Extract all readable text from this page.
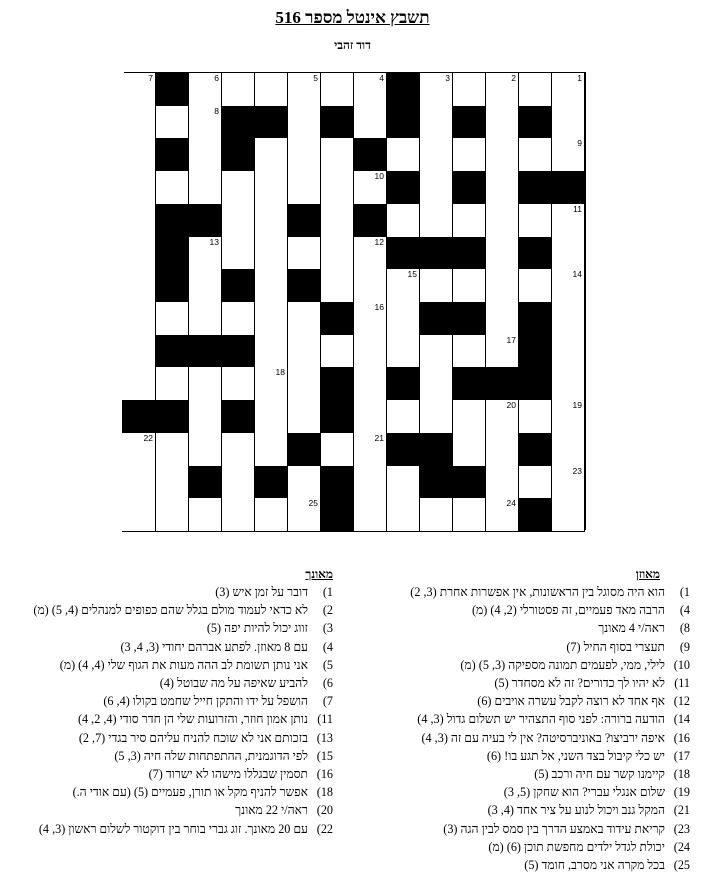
תשבץ אינטל מספר 516
דוד זהבי
1
2
3
4
5
6
7
8
9
10
11
12
13
14
15
16
17
18
19
20
21
22
23
24
25
מאוזן
1) הוא היה מסוגל בין הראשונות, אין אפשרות אחרת (3, 2)
4) הרבה מאד פעמיים, זה פסטורלי (2, 4) (מ)
8) ראה/י 4 מאונך
9) תעצרי בסוף החיל (7)
10) לילי, ממי, לפעמים תמונה מספיקה (3, 5) (מ)
11) לא יהיו לך כדורים? זה לא מסחדר (5)
12) אף אחד לא רוצה לקבל עשרה אויבים (6)
14) הודעה ברורה: לפני סוף התצהיר יש תשלום גדול (3, 4)
16) איפה ירביצו? באוניברסיטה? אין לי בעיה עם זה (3, 4)
17) יש כלי קיבול בצד השני, אל תגע בו! (6)
18) קיימנו קשר עם חיה ורכב (5)
19) שלום אנגלי עברי? הוא שחקן (5, 3)
21) המקל גנב ויכול לנוע על ציר אחד (4, 3)
23) קריאת עידוד באמצע הדרך בין סמס לבין הגה (3)
24) יכולת לגדל ילדים מחפשת תוכן (6) (מ)
25) בכל מקרה אני מסרב, חומד (5)
מאונך
1) דובר על זמן איש (3)
2) לא כדאי לעמוד מולם בגלל שהם כפופים למנהלים (4, 5) (מ)
3) זווג יכול להיות יפה (5)
4) עם 8 מאוזן. לפתע אברהם יחודי (3, 4, 3)
5) אני נותן תשומת לב ההה מעות את הגוף שלי (4, 4) (מ)
6) להביע שאיפה על מה שבוטל (4)
7) הושפל על ידו והתקן חייל שחמט בקולו (4, 6)
11) נותן אמון חוזר, והזרועות שלי הן חדר סודי (4, 2, 4)
13) בזכותם אני לא שוכח להניח עליהם סיר בגדי (7, 2)
15) לפי הדוגמנית, ההתפתחות שלה חיה (3, 5)
16) תסמין שבגללו מישהו לא ישרוד (7)
18) אפשר להניף מקל או תורן, פעמיים (5) (עם אודי ה.)
20) ראה/י 22 מאונך
22) עם 20 מאונך. זוג גברי בוחר בין דוקטור לשלום ראשון (3, 4)
